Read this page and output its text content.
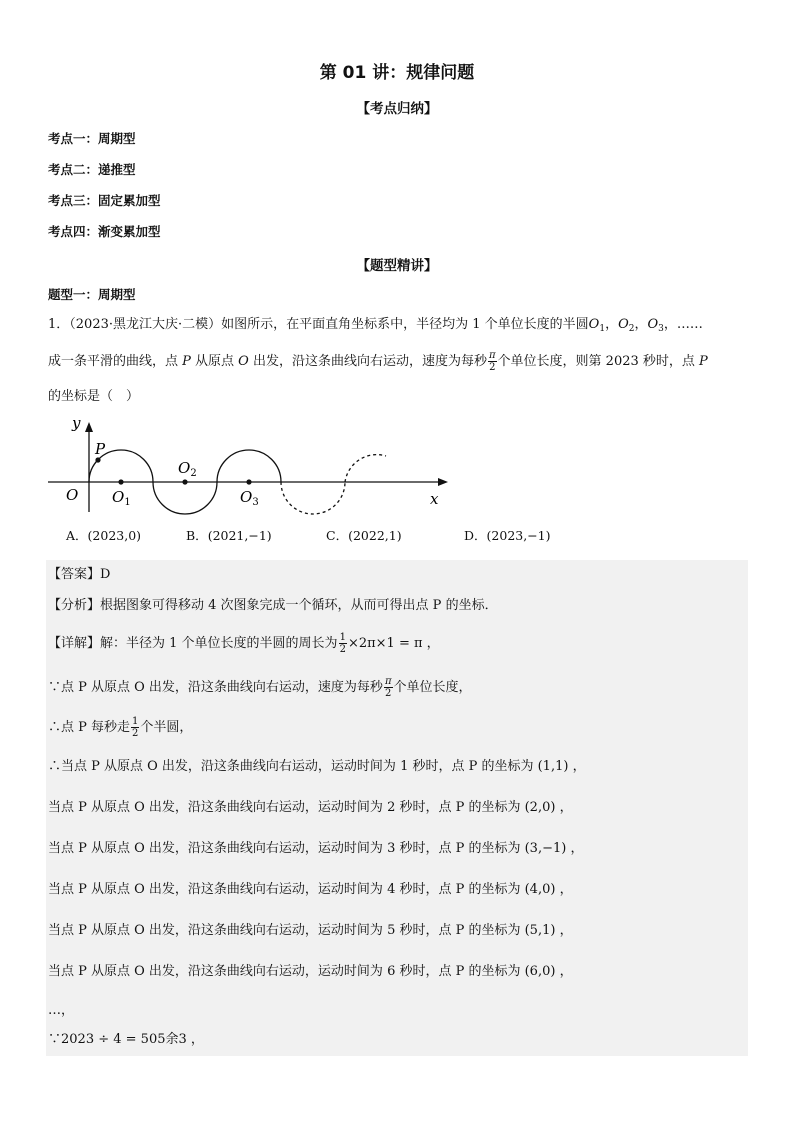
第 01 讲：规律问题
【考点归纳】
考点一：周期型
考点二：递推型
考点三：固定累加型
考点四：渐变累加型
【题型精讲】
题型一：周期型
1．（2023·黑龙江大庆·二模）如图所示，在平面直角坐标系中，半径均为 1 个单位长度的半圆$O_1$，$O_2$，$O_3$，……
成一条平滑的曲线，点 P 从原点 O 出发，沿这条曲线向右运动，速度为每秒 $\frac{\pi}{2}$ 个单位长度，则第 2023 秒时，点 P
的坐标是（　）
y
x
O
P
$O_1$
$O_2$
$O_3$
A．(2023,0)	B．(2021,−1)	C．(2022,1)	D．(2023,−1)
【答案】D
【分析】根据图象可得移动 4 次图象完成一个循环，从而可得出点 P 的坐标．
【详解】解：半径为 1 个单位长度的半圆的周长为 $\frac{1}{2} \times 2\pi\times 1 = \pi$ ，
∵点 P 从原点 O 出发，沿这条曲线向右运动，速度为每秒 $\frac{\pi}{2}$ 个单位长度，
∴点 P 每秒走 $\frac{1}{2}$ 个半圆，
∴当点 P 从原点 O 出发，沿这条曲线向右运动，运动时间为 1 秒时，点 P 的坐标为 (1,1) ，
当点 P 从原点 O 出发，沿这条曲线向右运动，运动时间为 2 秒时，点 P 的坐标为 (2,0) ，
当点 P 从原点 O 出发，沿这条曲线向右运动，运动时间为 3 秒时，点 P 的坐标为 (3,−1) ，
当点 P 从原点 O 出发，沿这条曲线向右运动，运动时间为 4 秒时，点 P 的坐标为 (4,0) ，
当点 P 从原点 O 出发，沿这条曲线向右运动，运动时间为 5 秒时，点 P 的坐标为 (5,1) ，
当点 P 从原点 O 出发，沿这条曲线向右运动，运动时间为 6 秒时，点 P 的坐标为 (6,0) ，
…，
∵2023 ÷ 4 = 505余3 ，
